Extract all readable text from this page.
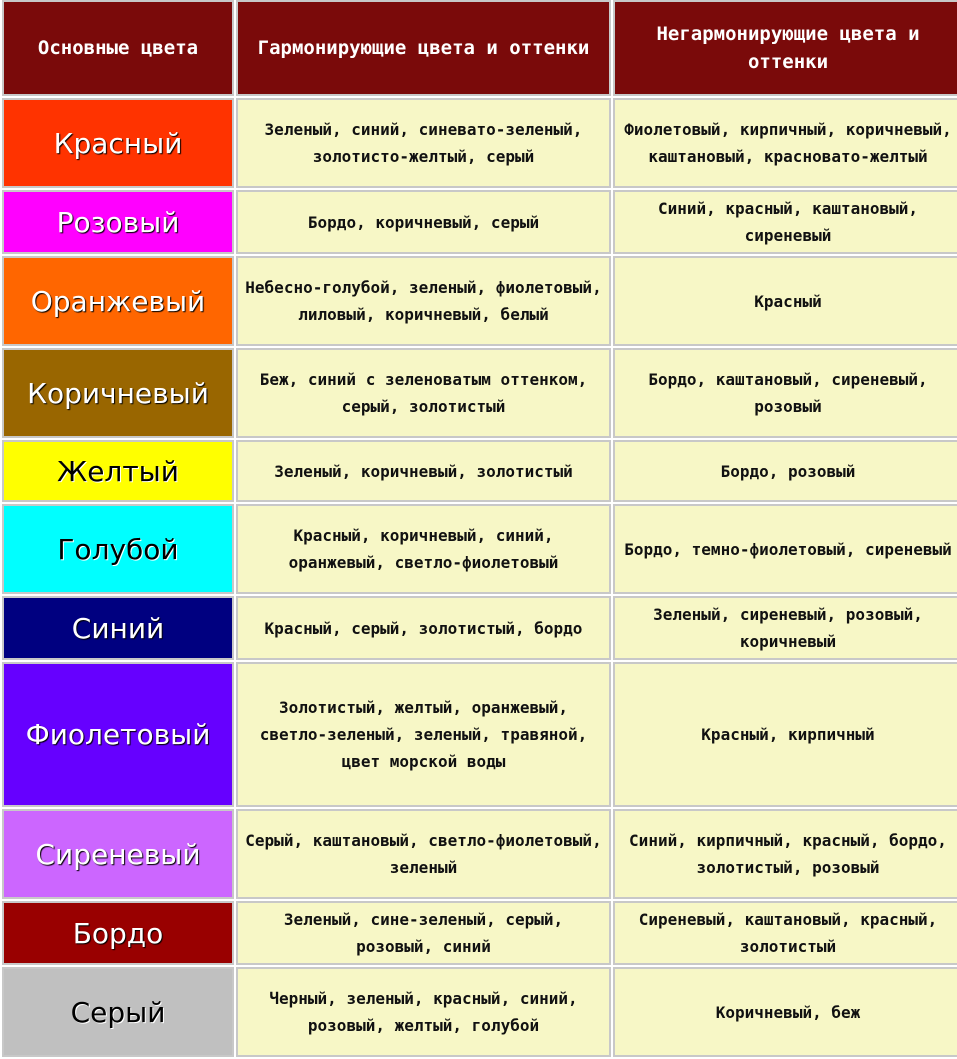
Основные цвета	Гармонирующие цвета и оттенки	Негармонирующие цвета и оттенки
Красный	Зеленый, синий, синевато-зеленый, золотисто-желтый, серый	Фиолетовый, кирпичный, коричневый, каштановый, красновато-желтый
Розовый	Бордо, коричневый, серый	Синий, красный, каштановый, сиреневый
Оранжевый	Небесно-голубой, зеленый, фиолетовый, лиловый, коричневый, белый	Красный
Коричневый	Беж, синий с зеленоватым оттенком, серый, золотистый	Бордо, каштановый, сиреневый, розовый
Желтый	Зеленый, коричневый, золотистый	Бордо, розовый
Голубой	Красный, коричневый, синий, оранжевый, светло-фиолетовый	Бордо, темно-фиолетовый, сиреневый
Синий	Красный, серый, золотистый, бордо	Зеленый, сиреневый, розовый, коричневый
Фиолетовый	Золотистый, желтый, оранжевый, светло-зеленый, зеленый, травяной, цвет морской воды	Красный, кирпичный
Сиреневый	Серый, каштановый, светло-фиолетовый, зеленый	Синий, кирпичный, красный, бордо, золотистый, розовый
Бордо	Зеленый, сине-зеленый, серый, розовый, синий	Сиреневый, каштановый, красный, золотистый
Серый	Черный, зеленый, красный, синий, розовый, желтый, голубой	Коричневый, беж
